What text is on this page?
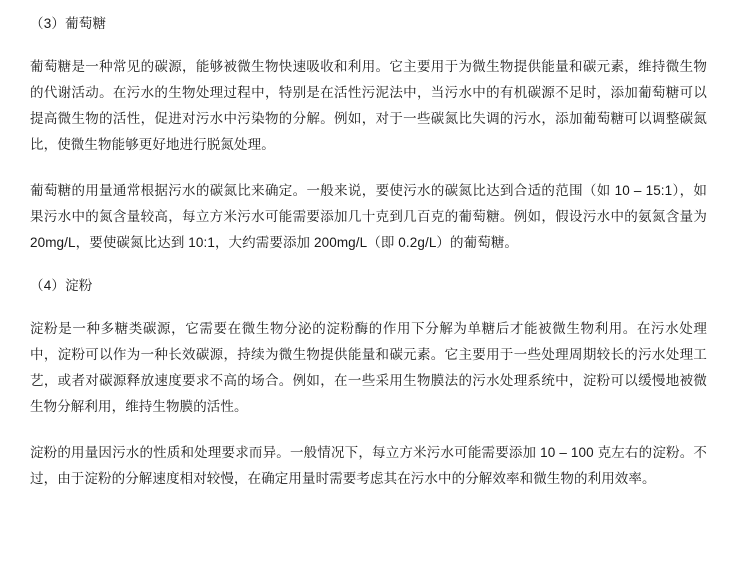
（3）葡萄糖

葡萄糖是一种常见的碳源，能够被微生物快速吸收和利用。它主要用于为微生物提供能量和碳元素，维持微生物的代谢活动。在污水的生物处理过程中，特别是在活性污泥法中，当污水中的有机碳源不足时，添加葡萄糖可以提高微生物的活性，促进对污水中污染物的分解。例如，对于一些碳氮比失调的污水，添加葡萄糖可以调整碳氮比，使微生物能够更好地进行脱氮处理。

葡萄糖的用量通常根据污水的碳氮比来确定。一般来说，要使污水的碳氮比达到合适的范围（如 10 – 15:1），如果污水中的氮含量较高，每立方米污水可能需要添加几十克到几百克的葡萄糖。例如，假设污水中的氨氮含量为 20mg/L，要使碳氮比达到 10:1，大约需要添加 200mg/L（即 0.2g/L）的葡萄糖。

（4）淀粉

淀粉是一种多糖类碳源，它需要在微生物分泌的淀粉酶的作用下分解为单糖后才能被微生物利用。在污水处理中，淀粉可以作为一种长效碳源，持续为微生物提供能量和碳元素。它主要用于一些处理周期较长的污水处理工艺，或者对碳源释放速度要求不高的场合。例如，在一些采用生物膜法的污水处理系统中，淀粉可以缓慢地被微生物分解利用，维持生物膜的活性。

淀粉的用量因污水的性质和处理要求而异。一般情况下，每立方米污水可能需要添加 10 – 100 克左右的淀粉。不过，由于淀粉的分解速度相对较慢，在确定用量时需要考虑其在污水中的分解效率和微生物的利用效率。
